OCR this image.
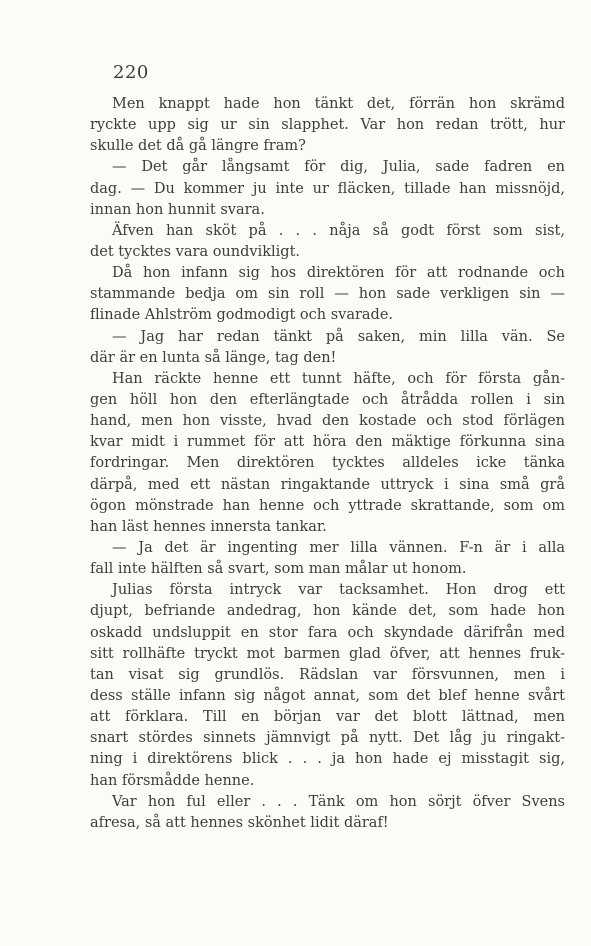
220
Men knappt hade hon tänkt det, förrän hon skrämd
ryckte upp sig ur sin slapphet. Var hon redan trött, hur
skulle det då gå längre fram?
— Det går långsamt för dig, Julia, sade fadren en
dag. — Du kommer ju inte ur fläcken, tillade han missnöjd,
innan hon hunnit svara.
Äfven han sköt på . . . nåja så godt först som sist,
det tycktes vara oundvikligt.
Då hon infann sig hos direktören för att rodnande och
stammande bedja om sin roll — hon sade verkligen sin —
flinade Ahlström godmodigt och svarade.
— Jag har redan tänkt på saken, min lilla vän. Se
där är en lunta så länge, tag den!
Han räckte henne ett tunnt häfte, och för första gån-
gen höll hon den efterlängtade och åtrådda rollen i sin
hand, men hon visste, hvad den kostade och stod förlägen
kvar midt i rummet för att höra den mäktige förkunna sina
fordringar. Men direktören tycktes alldeles icke tänka
därpå, med ett nästan ringaktande uttryck i sina små grå
ögon mönstrade han henne och yttrade skrattande, som om
han läst hennes innersta tankar.
— Ja det är ingenting mer lilla vännen. F-n är i alla
fall inte hälften så svart, som man målar ut honom.
Julias första intryck var tacksamhet. Hon drog ett
djupt, befriande andedrag, hon kände det, som hade hon
oskadd undsluppit en stor fara och skyndade därifrån med
sitt rollhäfte tryckt mot barmen glad öfver, att hennes fruk-
tan visat sig grundlös. Rädslan var försvunnen, men i
dess ställe infann sig något annat, som det blef henne svårt
att förklara. Till en början var det blott lättnad, men
snart stördes sinnets jämnvigt på nytt. Det låg ju ringakt-
ning i direktörens blick . . . ja hon hade ej misstagit sig,
han försmådde henne.
Var hon ful eller . . . Tänk om hon sörjt öfver Svens
afresa, så att hennes skönhet lidit däraf!
